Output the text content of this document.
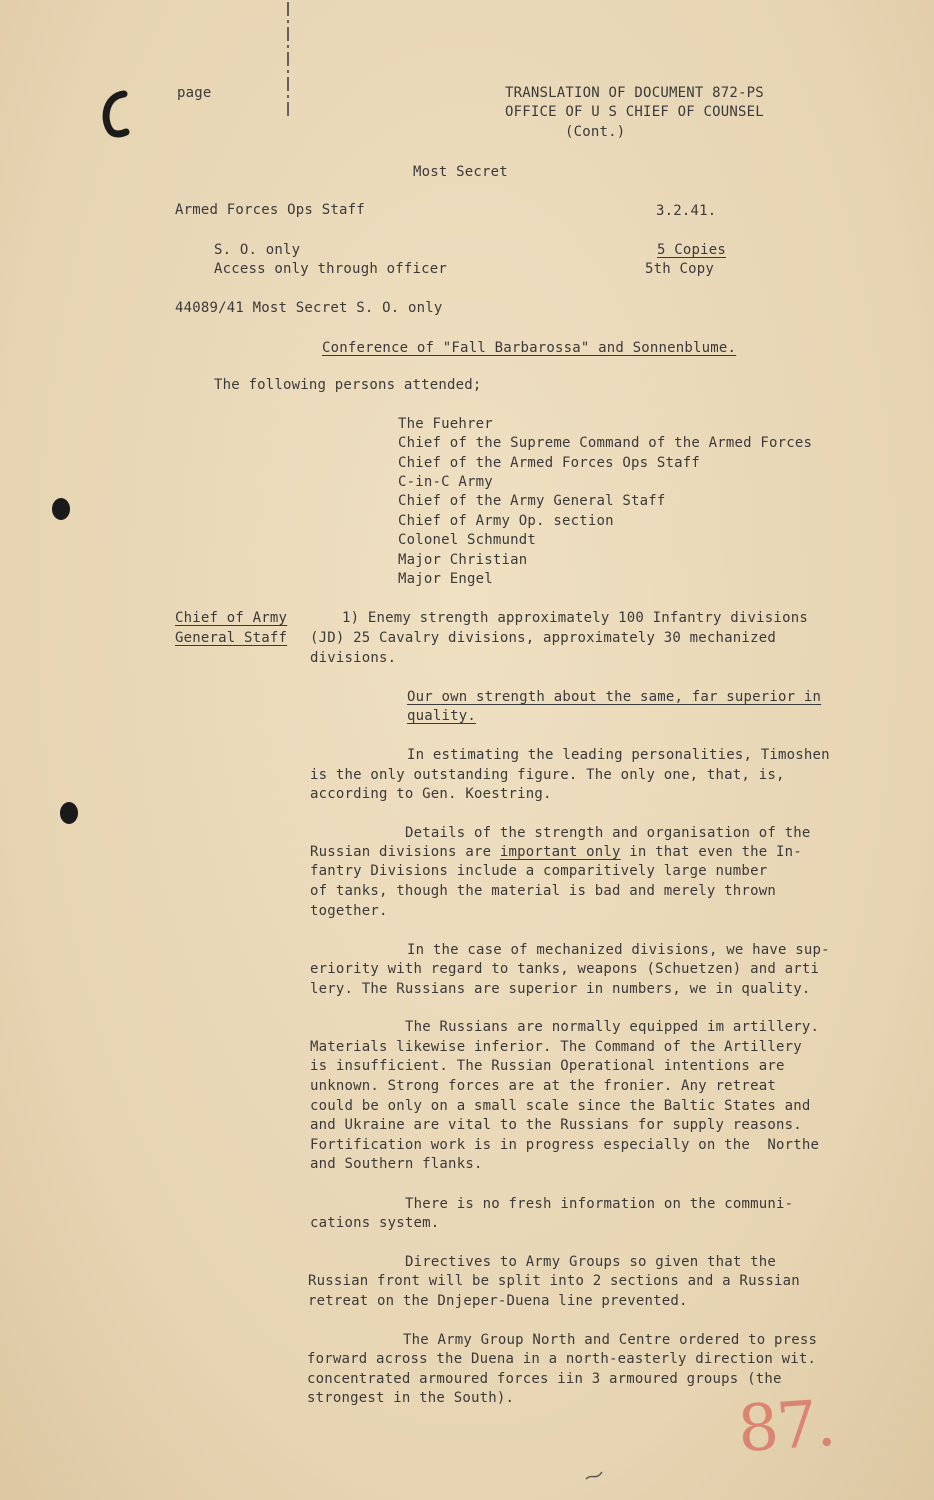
page	TRANSLATION OF DOCUMENT 872-PS
OFFICE OF U S CHIEF OF COUNSEL
(Cont.)
Most Secret
Armed Forces Ops Staff	3.2.41.
S. O. only	5 Copies
Access only through officer	5th Copy
44089/41 Most Secret S. O. only
Conference of "Fall Barbarossa" and Sonnenblume.
The following persons attended;
The Fuehrer
Chief of the Supreme Command of the Armed Forces
Chief of the Armed Forces Ops Staff
C-in-C Army
Chief of the Army General Staff
Chief of Army Op. section
Colonel Schmundt
Major Christian
Major Engel
Chief of Army
General Staff
1) Enemy strength approximately 100 Infantry divisions
(JD) 25 Cavalry divisions, approximately 30 mechanized
divisions.
Our own strength about the same, far superior in
quality.
In estimating the leading personalities, Timoshen
is the only outstanding figure. The only one, that, is,
according to Gen. Koestring.
Details of the strength and organisation of the
Russian divisions are important only in that even the In-
fantry Divisions include a comparitively large number
of tanks, though the material is bad and merely thrown
together.
In the case of mechanized divisions, we have sup-
eriority with regard to tanks, weapons (Schuetzen) and arti
lery. The Russians are superior in numbers, we in quality.
The Russians are normally equipped im artillery.
Materials likewise inferior. The Command of the Artillery
is insufficient. The Russian Operational intentions are
unknown. Strong forces are at the fronier. Any retreat
could be only on a small scale since the Baltic States and
and Ukraine are vital to the Russians for supply reasons.
Fortification work is in progress especially on the  Northe
and Southern flanks.
There is no fresh information on the communi-
cations system.
Directives to Army Groups so given that the
Russian front will be split into 2 sections and a Russian
retreat on the Dnjeper-Duena line prevented.
The Army Group North and Centre ordered to press
forward across the Duena in a north-easterly direction wit.
concentrated armoured forces iin 3 armoured groups (the
strongest in the South).	87.
